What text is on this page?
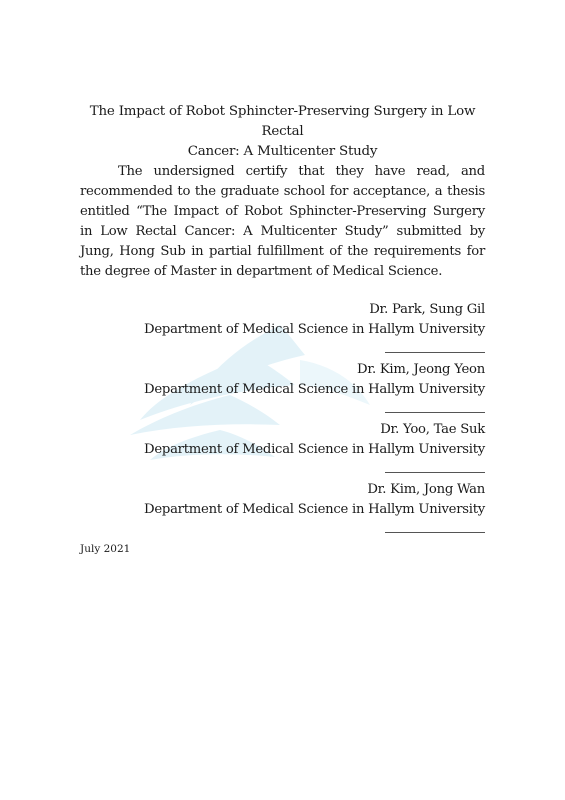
The Impact of Robot Sphincter-Preserving Surgery in Low Rectal
Cancer: A Multicenter Study

The undersigned certify that they have read, and recommended to the graduate school for acceptance, a thesis entitled “The Impact of Robot Sphincter-Preserving Surgery in Low Rectal Cancer: A Multicenter Study” submitted by Jung, Hong Sub in partial fulfillment of the requirements for the degree of Master in department of Medical Science.

Dr. Park, Sung Gil
Department of Medical Science in Hallym University
Dr. Kim, Jeong Yeon
Department of Medical Science in Hallym University
Dr. Yoo, Tae Suk
Department of Medical Science in Hallym University
Dr. Kim, Jong Wan
Department of Medical Science in Hallym University
July 2021
